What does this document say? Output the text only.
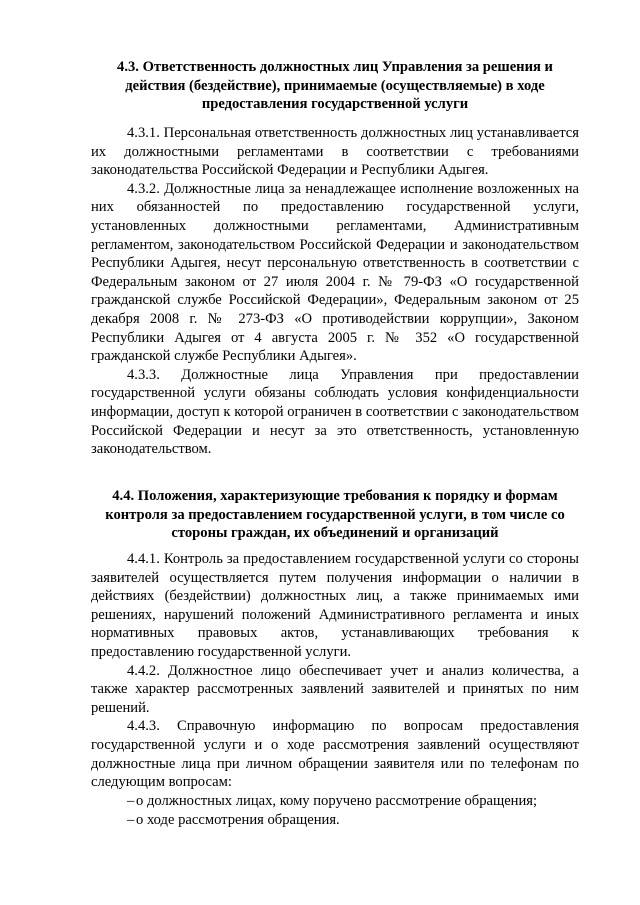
4.3. Ответственность должностных лиц Управления за решения и действия (бездействие), принимаемые (осуществляемые) в ходе предоставления государственной услуги

4.3.1. Персональная ответственность должностных лиц устанавливается их должностными регламентами в соответствии с требованиями законодательства Российской Федерации и Республики Адыгея.

4.3.2. Должностные лица за ненадлежащее исполнение возложенных на них обязанностей по предоставлению государственной услуги, установленных должностными регламентами, Административным регламентом, законодательством Российской Федерации и законодательством Республики Адыгея, несут персональную ответственность в соответствии с Федеральным законом от 27 июля 2004 г. № 79-ФЗ «О государственной гражданской службе Российской Федерации», Федеральным законом от 25 декабря 2008 г. № 273-ФЗ «О противодействии коррупции», Законом Республики Адыгея от 4 августа 2005 г. № 352 «О государственной гражданской службе Республики Адыгея».

4.3.3. Должностные лица Управления при предоставлении государственной услуги обязаны соблюдать условия конфиденциальности информации, доступ к которой ограничен в соответствии с законодательством Российской Федерации и несут за это ответственность, установленную законодательством.

4.4. Положения, характеризующие требования к порядку и формам контроля за предоставлением государственной услуги, в том числе со стороны граждан, их объединений и организаций

4.4.1. Контроль за предоставлением государственной услуги со стороны заявителей осуществляется путем получения информации о наличии в действиях (бездействии) должностных лиц, а также принимаемых ими решениях, нарушений положений Административного регламента и иных нормативных правовых актов, устанавливающих требования к предоставлению государственной услуги.

4.4.2. Должностное лицо обеспечивает учет и анализ количества, а также характер рассмотренных заявлений заявителей и принятых по ним решений.

4.4.3. Справочную информацию по вопросам предоставления государственной услуги и о ходе рассмотрения заявлений осуществляют должностные лица при личном обращении заявителя или по телефонам по следующим вопросам:

– о должностных лицах, кому поручено рассмотрение обращения;
– о ходе рассмотрения обращения.
